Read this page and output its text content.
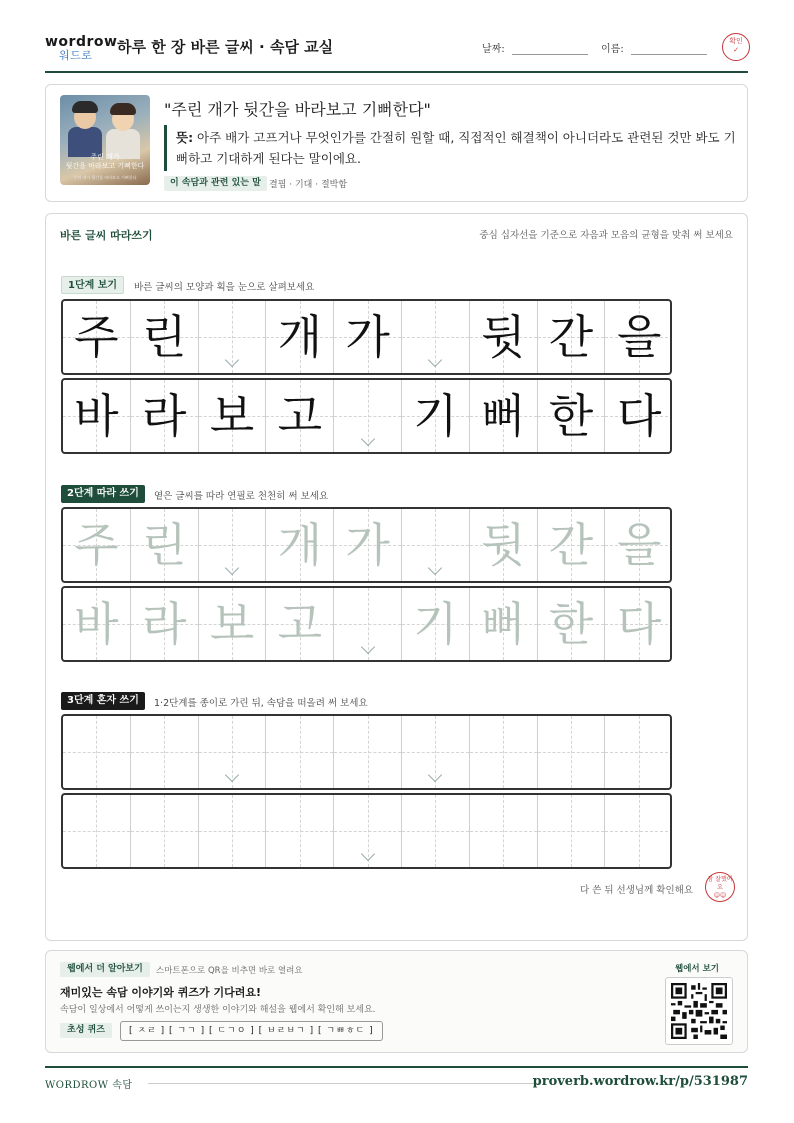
wordrow
워드로 하루 한 장 바른 글씨 · 속담 교실	날짜:	이름:
확인
✓
주린 개가
뒷간을 바라보고 기뻐한다
주린 개가 뒷간을 바라보고 기뻐한다
"주린 개가 뒷간을 바라보고 기뻐한다"
뜻: 아주 배가 고프거나 무엇인가를 간절히 원할 때, 직접적인 해결책이 아니더라도 관련된 것만 봐도 기뻐하고 기대하게 된다는 말이에요.
이 속담과 관련 있는 말 결핍 · 기대 · 절박함
바른 글씨 따라쓰기	중심 십자선을 기준으로 자음과 모음의 균형을 맞춰 써 보세요
1단계 보기	바른 글씨의 모양과 획을 눈으로 살펴보세요
주 린 개 가 뒷 간 을
바 라 보 고 기 뻐 한 다
2단계 따라 쓰기	옅은 글씨를 따라 연필로 천천히 써 보세요
주 린 개 가 뒷 간 을
바 라 보 고 기 뻐 한 다
3단계 혼자 쓰기	1·2단계를 종이로 가린 뒤, 속담을 떠올려 써 보세요
다 쓴 뒤 선생님께 확인해요
참 잘했어요
☺☺
웹에서 더 알아보기	스마트폰으로 QR을 비추면 바로 열려요
재미있는 속담 이야기와 퀴즈가 기다려요!
속담이 일상에서 어떻게 쓰이는지 생생한 이야기와 해설을 웹에서 확인해 보세요.
초성 퀴즈	[ ㅈㄹ ] [ ㄱㄱ ] [ ㄷㄱㅇ ] [ ㅂㄹㅂㄱ ] [ ㄱㅃㅎㄷ ]
웹에서 보기
WORDROW 속담	proverb.wordrow.kr/p/531987
